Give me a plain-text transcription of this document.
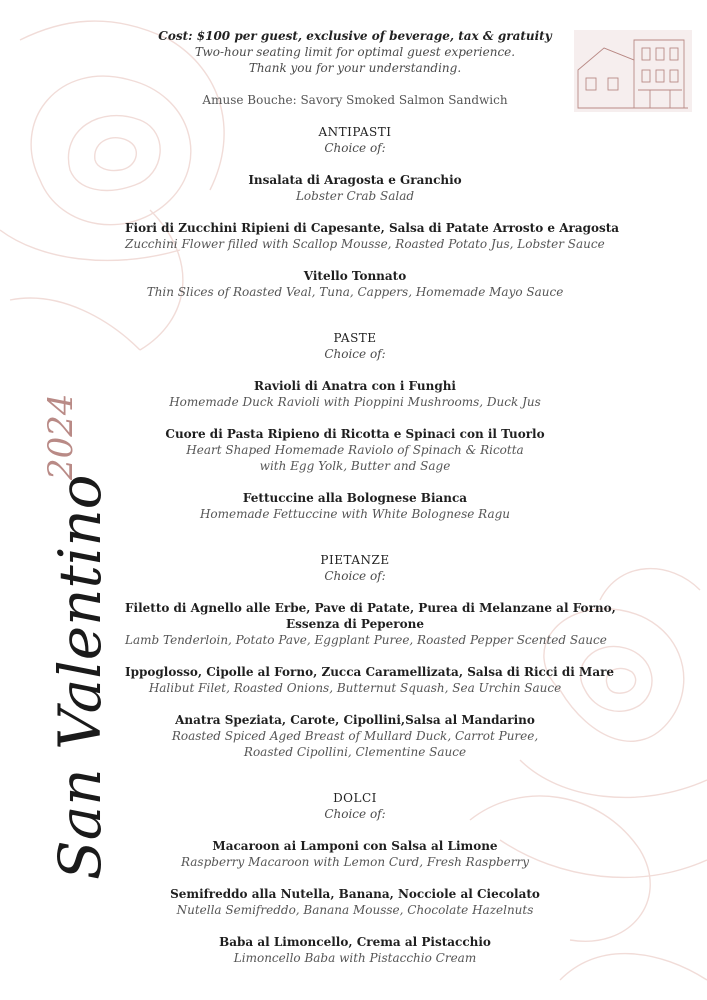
San Valentino
2024
Cost: $100 per guest, exclusive of beverage, tax & gratuity
Two-hour seating limit for optimal guest experience.
Thank you for your understanding.
Amuse Bouche: Savory Smoked Salmon Sandwich
ANTIPASTI
Choice of:
Insalata di Aragosta e Granchio
Lobster Crab Salad
Fiori di Zucchini Ripieni di Capesante, Salsa di Patate Arrosto e Aragosta
Zucchini Flower filled with Scallop Mousse, Roasted Potato Jus, Lobster Sauce
Vitello Tonnato
Thin Slices of Roasted Veal, Tuna, Cappers, Homemade Mayo Sauce
PASTE
Choice of:
Ravioli di Anatra con i Funghi
Homemade Duck Ravioli with Pioppini Mushrooms, Duck Jus
Cuore di Pasta Ripieno di Ricotta e Spinaci con il Tuorlo
Heart Shaped Homemade Raviolo of Spinach & Ricotta
with Egg Yolk, Butter and Sage
Fettuccine alla Bolognese Bianca
Homemade Fettuccine with White Bolognese Ragu
PIETANZE
Choice of:
Filetto di Agnello alle Erbe, Pave di Patate, Purea di Melanzane al Forno,
Essenza di Peperone
Lamb Tenderloin, Potato Pave, Eggplant Puree, Roasted Pepper Scented Sauce
Ippoglosso, Cipolle al Forno, Zucca Caramellizata, Salsa di Ricci di Mare
Halibut Filet, Roasted Onions, Butternut Squash, Sea Urchin Sauce
Anatra Speziata, Carote, Cipollini,Salsa al Mandarino
Roasted Spiced Aged Breast of Mullard Duck, Carrot Puree,
Roasted Cipollini, Clementine Sauce
DOLCI
Choice of:
Macaroon ai Lamponi con Salsa al Limone
Raspberry Macaroon with Lemon Curd, Fresh Raspberry
Semifreddo alla Nutella, Banana, Nocciole al Ciecolato
Nutella Semifreddo, Banana Mousse, Chocolate Hazelnuts
Baba al Limoncello, Crema al Pistacchio
Limoncello Baba with Pistacchio Cream
